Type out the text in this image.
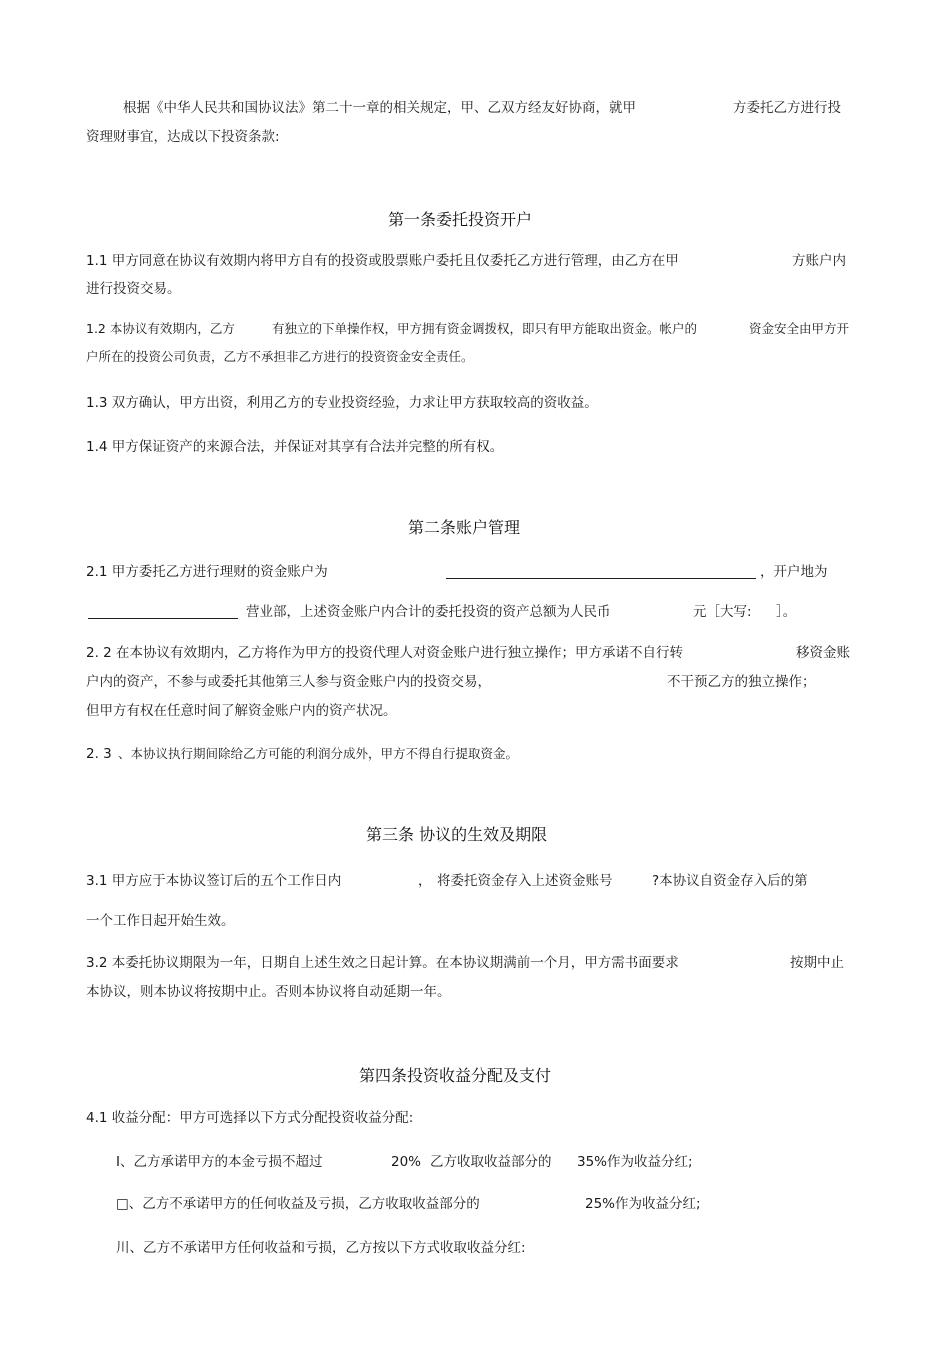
根据《中华人民共和国协议法》第二十一章的相关规定，甲、乙双方经友好协商，就甲	方委托乙方进行投
资理财事宜，达成以下投资条款:
第一条委托投资开户
1.1 甲方同意在协议有效期内将甲方自有的投资或股票账户委托且仅委托乙方进行管理，由乙方在甲	方账户内
进行投资交易。
1.2 本协议有效期内，乙方	有独立的下单操作权，甲方拥有资金调拨权，即只有甲方能取出资金。帐户的	资金安全由甲方开
户所在的投资公司负责，乙方不承担非乙方进行的投资资金安全责任。
1.3 双方确认，甲方出资，利用乙方的专业投资经验，力求让甲方获取较高的资收益。
1.4 甲方保证资产的来源合法，并保证对其享有合法并完整的所有权。
第二条账户管理
2.1 甲方委托乙方进行理财的资金账户为	，开户地为
营业部，上述资金账户内合计的委托投资的资产总额为人民币	元［大写: ］。
2. 2 在本协议有效期内，乙方将作为甲方的投资代理人对资金账户进行独立操作；甲方承诺不自行转	移资金账
户内的资产，不参与或委托其他第三人参与资金账户内的投资交易，	不干预乙方的独立操作；
但甲方有权在任意时间了解资金账户内的资产状况。
2. 3 、本协议执行期间除给乙方可能的利润分成外，甲方不得自行提取资金。
第三条 协议的生效及期限
3.1 甲方应于本协议签订后的五个工作日内	， 将委托资金存入上述资金账号	?本协议自资金存入后的第
一个工作日起开始生效。
3.2 本委托协议期限为一年，日期自上述生效之日起计算。在本协议期满前一个月，甲方需书面要求	按期中止
本协议，则本协议将按期中止。否则本协议将自动延期一年。
第四条投资收益分配及支付
4.1 收益分配：甲方可选择以下方式分配投资收益分配:
I、乙方承诺甲方的本金亏损不超过	20% 乙方收取收益部分的 35%作为收益分红;
□、乙方不承诺甲方的任何收益及亏损，乙方收取收益部分的	25%作为收益分红;
川、乙方不承诺甲方任何收益和亏损，乙方按以下方式收取收益分红:
